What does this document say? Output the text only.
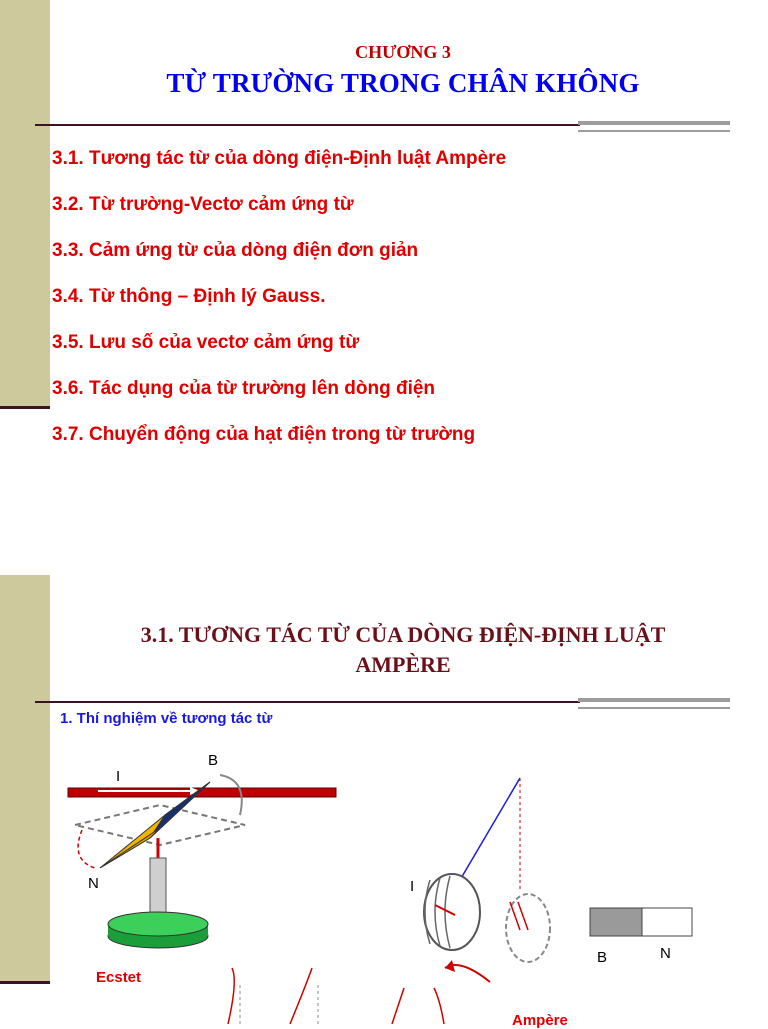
CHƯƠNG 3
TỪ TRƯỜNG TRONG CHÂN KHÔNG
3.1. Tương tác từ của dòng điện-Định luật Ampère
3.2. Từ trường-Vectơ cảm ứng từ
3.3. Cảm ứng từ của dòng điện đơn giản
3.4. Từ thông – Định lý Gauss.
3.5. Lưu số của vectơ cảm ứng từ
3.6. Tác dụng của từ trường lên dòng điện
3.7. Chuyển động của hạt điện trong từ trường
3.1. TƯƠNG TÁC TỪ CỦA DÒNG ĐIỆN-ĐỊNH LUẬT
AMPÈRE
1. Thí nghiệm về tương tác từ
I
B
N
Ecstet
I
B	N
Ampère
